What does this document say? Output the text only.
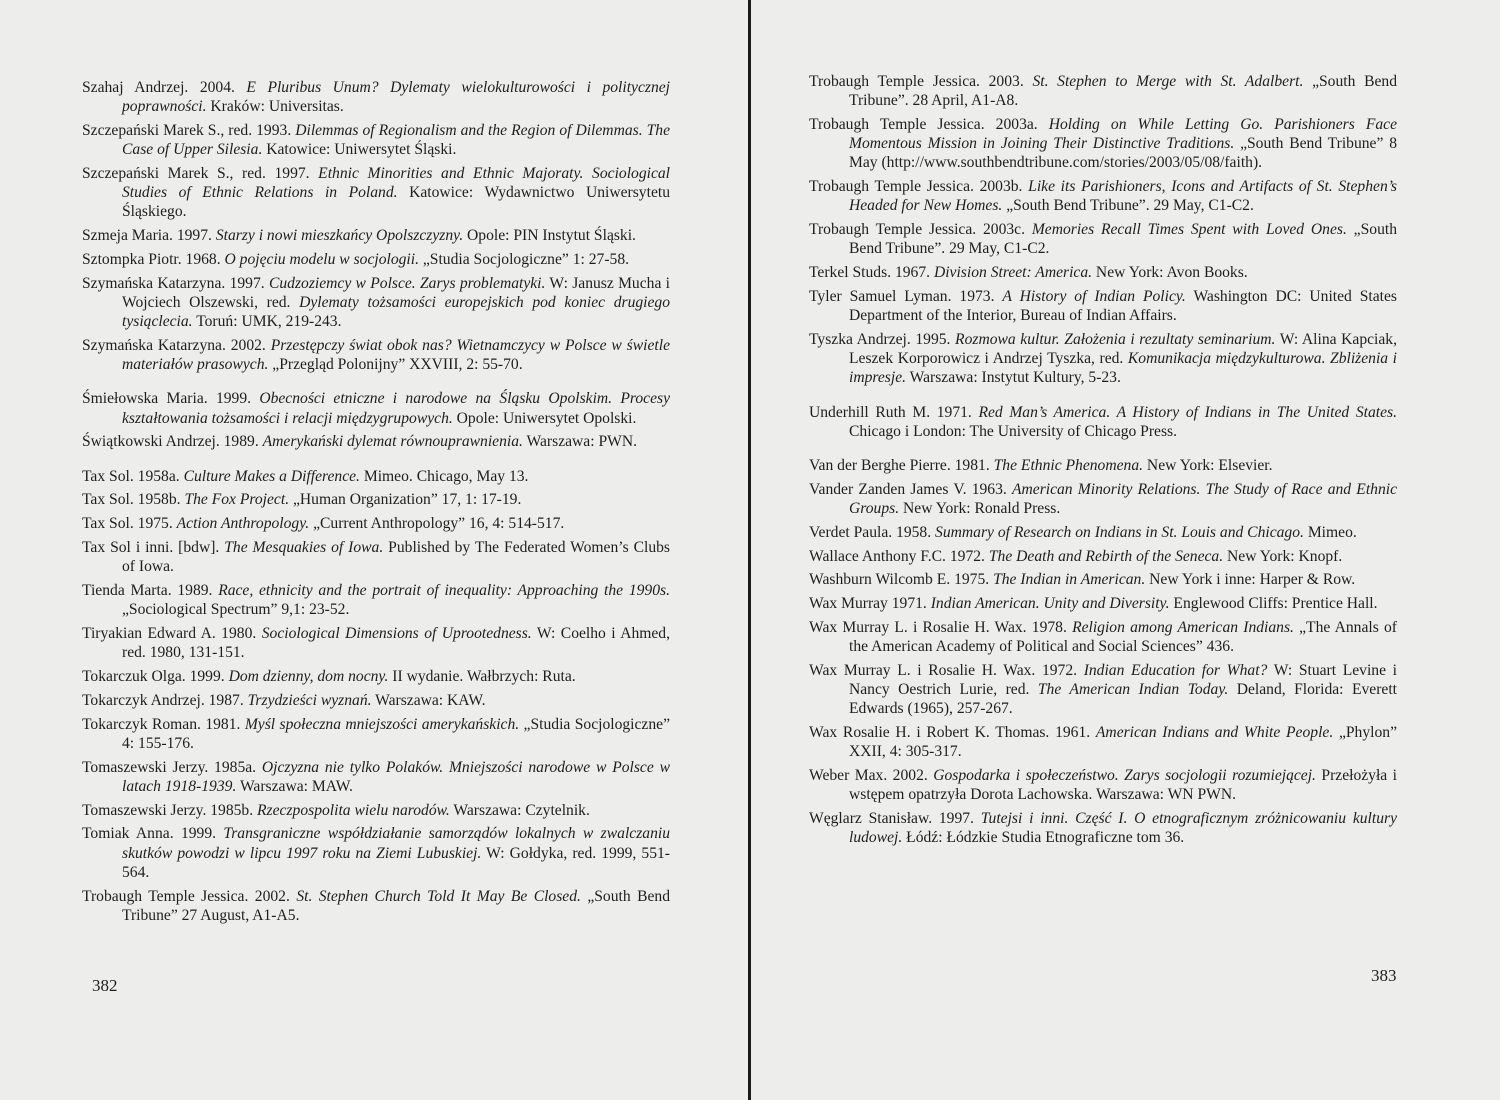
Szahaj Andrzej. 2004. E Pluribus Unum? Dylematy wielokulturowości i politycznej poprawności. Kraków: Universitas.

Szczepański Marek S., red. 1993. Dilemmas of Regionalism and the Region of Dilemmas. The Case of Upper Silesia. Katowice: Uniwersytet Śląski.

Szczepański Marek S., red. 1997. Ethnic Minorities and Ethnic Majoraty. Sociological Studies of Ethnic Relations in Poland. Katowice: Wydawnictwo Uniwersytetu Śląskiego.

Szmeja Maria. 1997. Starzy i nowi mieszkańcy Opolszczyzny. Opole: PIN Instytut Śląski.

Sztompka Piotr. 1968. O pojęciu modelu w socjologii. „Studia Socjologiczne” 1: 27-58.

Szymańska Katarzyna. 1997. Cudzoziemcy w Polsce. Zarys problematyki. W: Janusz Mucha i Wojciech Olszewski, red. Dylematy tożsamości europejskich pod koniec drugiego tysiąclecia. Toruń: UMK, 219-243.

Szymańska Katarzyna. 2002. Przestępczy świat obok nas? Wietnamczycy w Polsce w świetle materiałów prasowych. „Przegląd Polonijny” XXVIII, 2: 55-70.

Śmiełowska Maria. 1999. Obecności etniczne i narodowe na Śląsku Opolskim. Procesy kształtowania tożsamości i relacji międzygrupowych. Opole: Uniwersytet Opolski.

Świątkowski Andrzej. 1989. Amerykański dylemat równouprawnienia. Warszawa: PWN.

Tax Sol. 1958a. Culture Makes a Difference. Mimeo. Chicago, May 13.

Tax Sol. 1958b. The Fox Project. „Human Organization” 17, 1: 17-19.

Tax Sol. 1975. Action Anthropology. „Current Anthropology” 16, 4: 514-517.

Tax Sol i inni. [bdw]. The Mesquakies of Iowa. Published by The Federated Women’s Clubs of Iowa.

Tienda Marta. 1989. Race, ethnicity and the portrait of inequality: Approaching the 1990s. „Sociological Spectrum” 9,1: 23-52.

Tiryakian Edward A. 1980. Sociological Dimensions of Uprootedness. W: Coelho i Ahmed, red. 1980, 131-151.

Tokarczuk Olga. 1999. Dom dzienny, dom nocny. II wydanie. Wałbrzych: Ruta.

Tokarczyk Andrzej. 1987. Trzydzieści wyznań. Warszawa: KAW.

Tokarczyk Roman. 1981. Myśl społeczna mniejszości amerykańskich. „Studia Socjologiczne” 4: 155-176.

Tomaszewski Jerzy. 1985a. Ojczyzna nie tylko Polaków. Mniejszości narodowe w Polsce w latach 1918-1939. Warszawa: MAW.

Tomaszewski Jerzy. 1985b. Rzeczpospolita wielu narodów. Warszawa: Czytelnik.

Tomiak Anna. 1999. Transgraniczne współdziałanie samorządów lokalnych w zwalczaniu skutków powodzi w lipcu 1997 roku na Ziemi Lubuskiej. W: Gołdyka, red. 1999, 551-564.

Trobaugh Temple Jessica. 2002. St. Stephen Church Told It May Be Closed. „South Bend Tribune” 27 August, A1-A5.

382

Trobaugh Temple Jessica. 2003. St. Stephen to Merge with St. Adalbert. „South Bend Tribune”. 28 April, A1-A8.

Trobaugh Temple Jessica. 2003a. Holding on While Letting Go. Parishioners Face Momentous Mission in Joining Their Distinctive Traditions. „South Bend Tribune” 8 May (http://www.southbendtribune.com/stories/2003/05/08/faith).

Trobaugh Temple Jessica. 2003b. Like its Parishioners, Icons and Artifacts of St. Stephen’s Headed for New Homes. „South Bend Tribune”. 29 May, C1-C2.

Trobaugh Temple Jessica. 2003c. Memories Recall Times Spent with Loved Ones. „South Bend Tribune”. 29 May, C1-C2.

Terkel Studs. 1967. Division Street: America. New York: Avon Books.

Tyler Samuel Lyman. 1973. A History of Indian Policy. Washington DC: United States Department of the Interior, Bureau of Indian Affairs.

Tyszka Andrzej. 1995. Rozmowa kultur. Założenia i rezultaty seminarium. W: Alina Kapciak, Leszek Korporowicz i Andrzej Tyszka, red. Komunikacja międzykulturowa. Zbliżenia i impresje. Warszawa: Instytut Kultury, 5-23.

Underhill Ruth M. 1971. Red Man’s America. A History of Indians in The United States. Chicago i London: The University of Chicago Press.

Van der Berghe Pierre. 1981. The Ethnic Phenomena. New York: Elsevier.

Vander Zanden James V. 1963. American Minority Relations. The Study of Race and Ethnic Groups. New York: Ronald Press.

Verdet Paula. 1958. Summary of Research on Indians in St. Louis and Chicago. Mimeo.

Wallace Anthony F.C. 1972. The Death and Rebirth of the Seneca. New York: Knopf.

Washburn Wilcomb E. 1975. The Indian in American. New York i inne: Harper & Row.

Wax Murray 1971. Indian American. Unity and Diversity. Englewood Cliffs: Prentice Hall.

Wax Murray L. i Rosalie H. Wax. 1978. Religion among American Indians. „The Annals of the American Academy of Political and Social Sciences” 436.

Wax Murray L. i Rosalie H. Wax. 1972. Indian Education for What? W: Stuart Levine i Nancy Oestrich Lurie, red. The American Indian Today. Deland, Florida: Everett Edwards (1965), 257-267.

Wax Rosalie H. i Robert K. Thomas. 1961. American Indians and White People. „Phylon” XXII, 4: 305-317.

Weber Max. 2002. Gospodarka i społeczeństwo. Zarys socjologii rozumiejącej. Przełożyła i wstępem opatrzyła Dorota Lachowska. Warszawa: WN PWN.

Węglarz Stanisław. 1997. Tutejsi i inni. Część I. O etnograficznym zróżnicowaniu kultury ludowej. Łódź: Łódzkie Studia Etnograficzne tom 36.

383
